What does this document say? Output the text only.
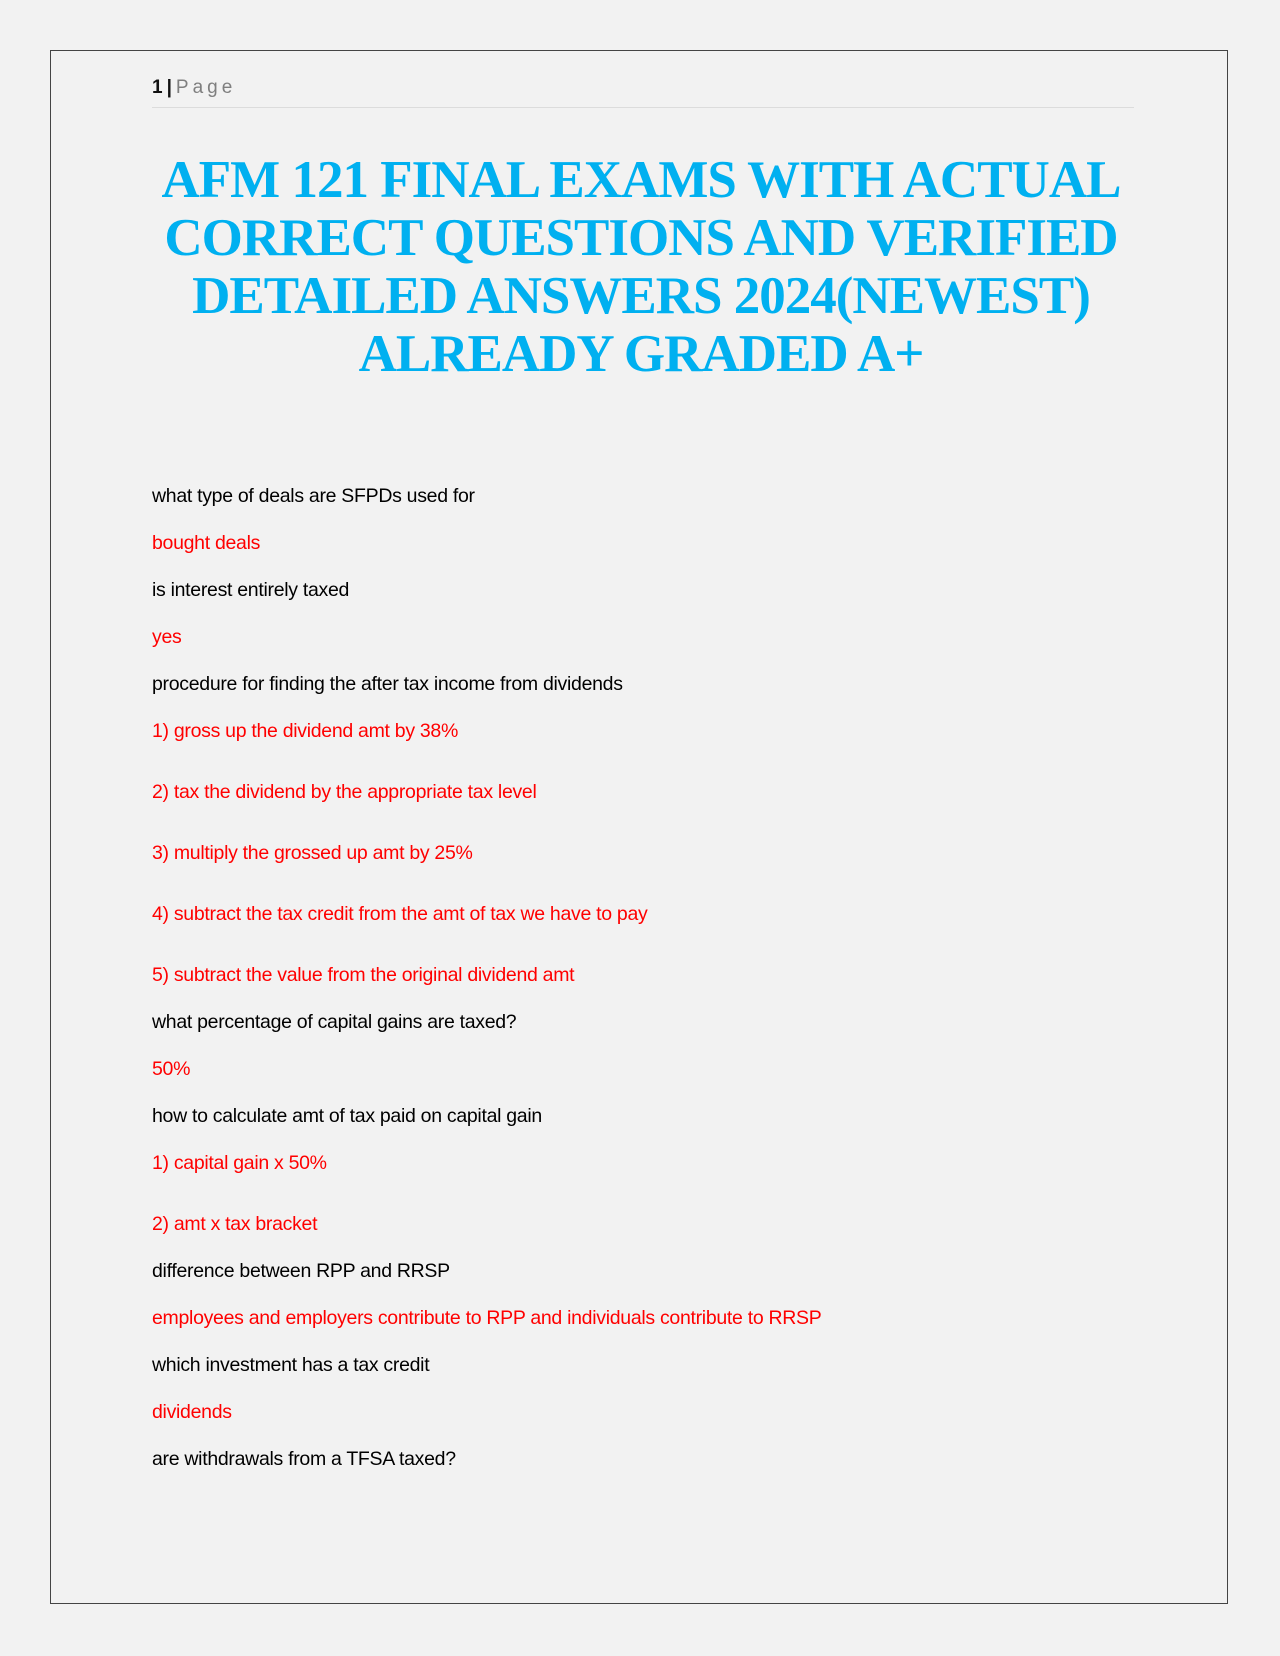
1 | Page
AFM 121 FINAL EXAMS WITH ACTUAL
CORRECT QUESTIONS AND VERIFIED
DETAILED ANSWERS 2024(NEWEST)
ALREADY GRADED A+
what type of deals are SFPDs used for
bought deals
is interest entirely taxed
yes
procedure for finding the after tax income from dividends
1) gross up the dividend amt by 38%
2) tax the dividend by the appropriate tax level
3) multiply the grossed up amt by 25%
4) subtract the tax credit from the amt of tax we have to pay
5) subtract the value from the original dividend amt
what percentage of capital gains are taxed?
50%
how to calculate amt of tax paid on capital gain
1) capital gain x 50%
2) amt x tax bracket
difference between RPP and RRSP
employees and employers contribute to RPP and individuals contribute to RRSP
which investment has a tax credit
dividends
are withdrawals from a TFSA taxed?
